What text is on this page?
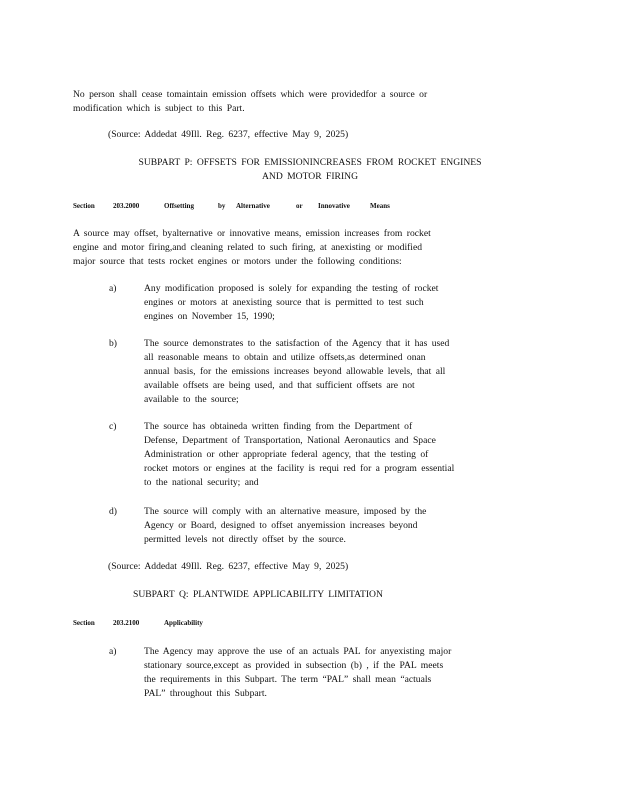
No person shall cease tomaintain emission offsets which were providedfor a source or
modification which is subject to this Part.
(Source: Addedat 49Ill. Reg. 6237, effective May 9, 2025)
SUBPART P: OFFSETS FOR EMISSIONINCREASES FROM ROCKET ENGINES
AND MOTOR FIRING
Section	203.2000	Offsetting	by Alternative	or Innovative	Means
A source may offset, byalternative or innovative means, emission increases from rocket
engine and motor firing,and cleaning related to such firing, at anexisting or modified
major source that tests rocket engines or motors under the following conditions:
a)	Any modification proposed is solely for expanding the testing of rocket
engines or motors at anexisting source that is permitted to test such
engines on November 15, 1990;
b)	The source demonstrates to the satisfaction of the Agency that it has used
all reasonable means to obtain and utilize offsets,as determined onan
annual basis, for the emissions increases beyond allowable levels, that all
available offsets are being used, and that sufficient offsets are not
available to the source;
c)	The source has obtaineda written finding from the Department of
Defense, Department of Transportation, National Aeronautics and Space
Administration or other appropriate federal agency, that the testing of
rocket motors or engines at the facility is requi red for a program essential
to the national security; and
d)	The source will comply with an alternative measure, imposed by the
Agency or Board, designed to offset anyemission increases beyond
permitted levels not directly offset by the source.
(Source: Addedat 49Ill. Reg. 6237, effective May 9, 2025)
SUBPART Q: PLANTWIDE APPLICABILITY LIMITATION
Section	203.2100	Applicability
a)	The Agency may approve the use of an actuals PAL for anyexisting major
stationary source,except as provided in subsection (b) , if the PAL meets
the requirements in this Subpart. The term “PAL” shall mean “actuals
PAL” throughout this Subpart.
